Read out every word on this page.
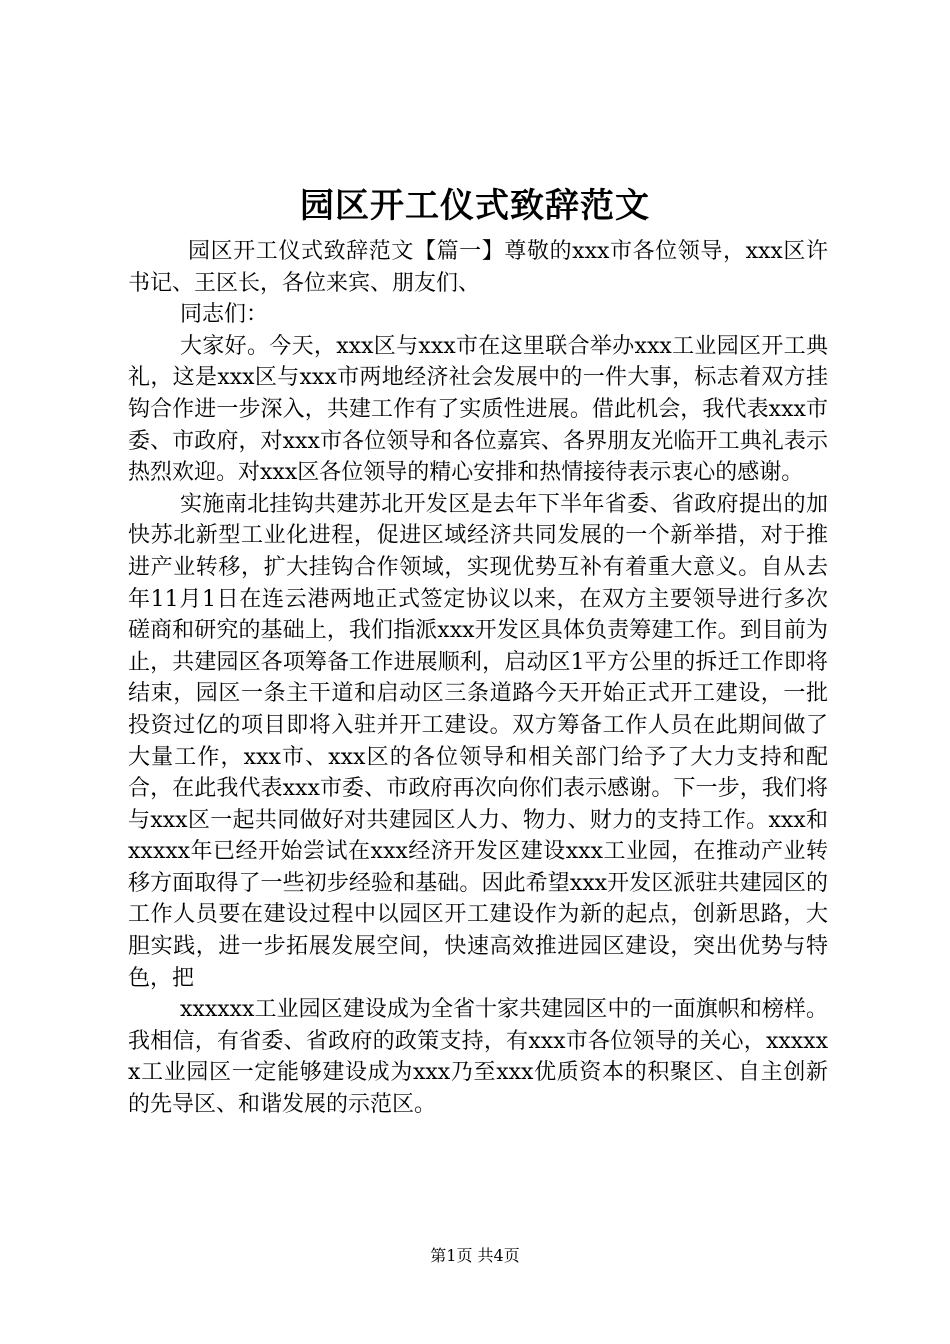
园区开工仪式致辞范文

园区开工仪式致辞范文【篇一】尊敬的xxx市各位领导，xxx区许书记、王区长，各位来宾、朋友们、

同志们：

大家好。今天，xxx区与xxx市在这里联合举办xxx工业园区开工典礼，这是xxx区与xxx市两地经济社会发展中的一件大事，标志着双方挂钩合作进一步深入，共建工作有了实质性进展。借此机会，我代表xxx市委、市政府，对xxx市各位领导和各位嘉宾、各界朋友光临开工典礼表示热烈欢迎。对xxx区各位领导的精心安排和热情接待表示衷心的感谢。

实施南北挂钩共建苏北开发区是去年下半年省委、省政府提出的加快苏北新型工业化进程，促进区域经济共同发展的一个新举措，对于推进产业转移，扩大挂钩合作领域，实现优势互补有着重大意义。自从去年11月1日在连云港两地正式签定协议以来，在双方主要领导进行多次磋商和研究的基础上，我们指派xxx开发区具体负责筹建工作。到目前为止，共建园区各项筹备工作进展顺利，启动区1平方公里的拆迁工作即将结束，园区一条主干道和启动区三条道路今天开始正式开工建设，一批投资过亿的项目即将入驻并开工建设。双方筹备工作人员在此期间做了大量工作，xxx市、xxx区的各位领导和相关部门给予了大力支持和配合，在此我代表xxx市委、市政府再次向你们表示感谢。下一步，我们将与xxx区一起共同做好对共建园区人力、物力、财力的支持工作。xxx和xxxxx年已经开始尝试在xxx经济开发区建设xxx工业园，在推动产业转移方面取得了一些初步经验和基础。因此希望xxx开发区派驻共建园区的工作人员要在建设过程中以园区开工建设作为新的起点，创新思路，大胆实践，进一步拓展发展空间，快速高效推进园区建设，突出优势与特色，把

xxxxxx工业园区建设成为全省十家共建园区中的一面旗帜和榜样。我相信，有省委、省政府的政策支持，有xxx市各位领导的关心，xxxxxx工业园区一定能够建设成为xxx乃至xxx优质资本的积聚区、自主创新的先导区、和谐发展的示范区。

第1页 共4页
